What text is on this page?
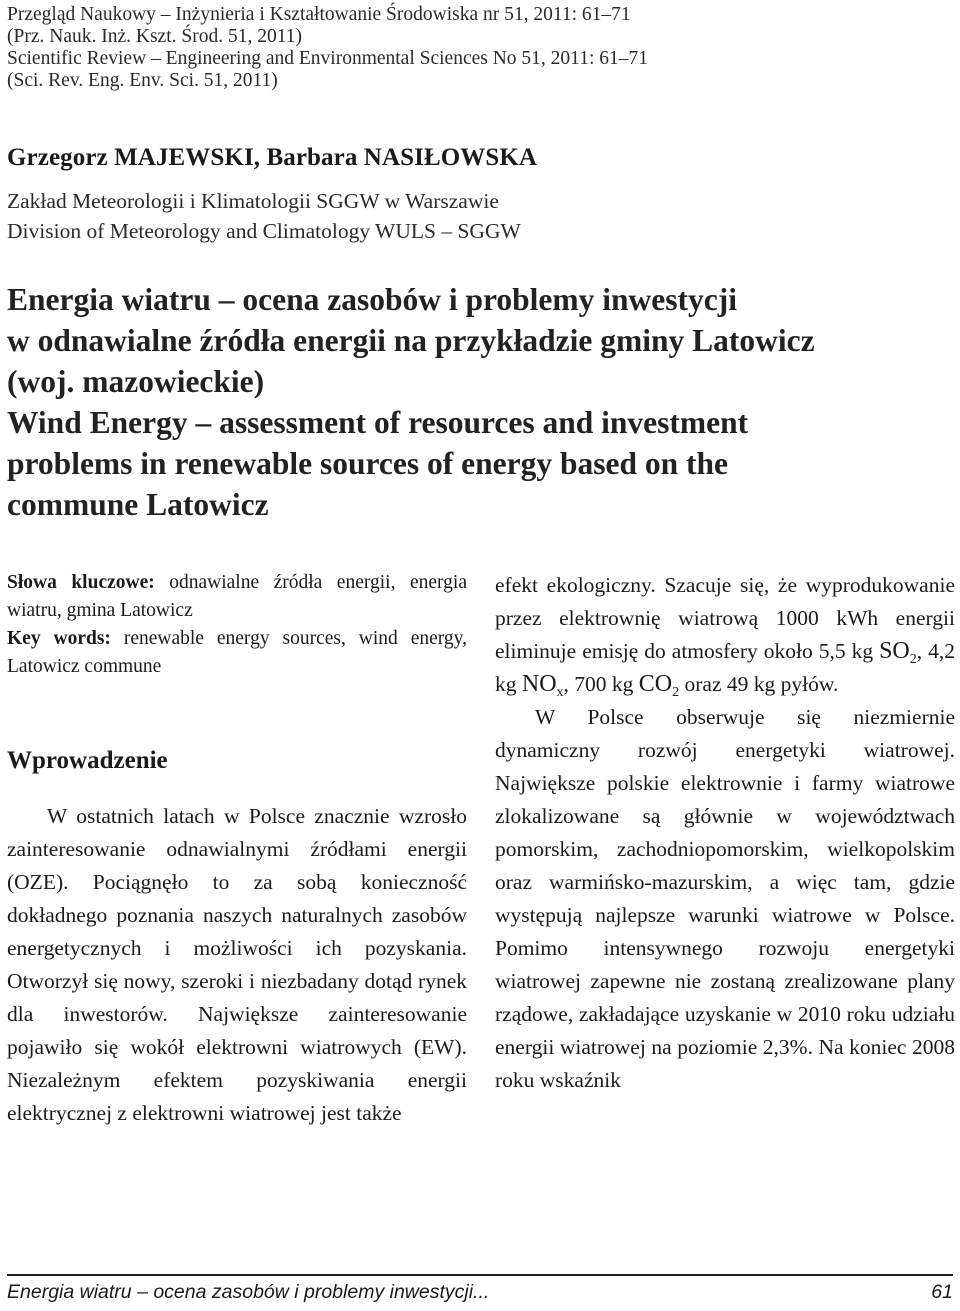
Przegląd Naukowy – Inżynieria i Kształtowanie Środowiska nr 51, 2011: 61–71
(Prz. Nauk. Inż. Kszt. Środ. 51, 2011)
Scientific Review – Engineering and Environmental Sciences No 51, 2011: 61–71
(Sci. Rev. Eng. Env. Sci. 51, 2011)
Grzegorz MAJEWSKI, Barbara NASIŁOWSKA
Zakład Meteorologii i Klimatologii SGGW w Warszawie
Division of Meteorology and Climatology WULS – SGGW
Energia wiatru – ocena zasobów i problemy inwestycji
w odnawialne źródła energii na przykładzie gminy Latowicz
(woj. mazowieckie)
Wind Energy – assessment of resources and investment
problems in renewable sources of energy based on the
commune Latowicz

Słowa kluczowe: odnawialne źródła energii, energia wiatru, gmina Latowicz

Key words: renewable energy sources, wind energy, Latowicz commune

Wprowadzenie

W ostatnich latach w Polsce znacznie wzrosło zainteresowanie odnawialnymi źródłami energii (OZE). Pociągnęło to za sobą konieczność dokładnego poznania naszych naturalnych zasobów energetycznych i możliwości ich pozyskania. Otworzył się nowy, szeroki i niezbadany dotąd rynek dla inwestorów. Największe zainteresowanie pojawiło się wokół elektrowni wiatrowych (EW). Niezależnym efektem pozyskiwania energii elektrycznej z elektrowni wiatrowej jest także

efekt ekologiczny. Szacuje się, że wyprodukowanie przez elektrownię wiatrową 1000 kWh energii eliminuje emisję do atmosfery około 5,5 kg $SO_2$, 4,2 kg $NO_x$, 700 kg $CO_2$ oraz 49 kg pyłów.

W Polsce obserwuje się niezmiernie dynamiczny rozwój energetyki wiatrowej. Największe polskie elektrownie i farmy wiatrowe zlokalizowane są głównie w województwach pomorskim, zachodniopomorskim, wielkopolskim oraz warmińsko-mazurskim, a więc tam, gdzie występują najlepsze warunki wiatrowe w Polsce. Pomimo intensywnego rozwoju energetyki wiatrowej zapewne nie zostaną zrealizowane plany rządowe, zakładające uzyskanie w 2010 roku udziału energii wiatrowej na poziomie 2,3%. Na koniec 2008 roku wskaźnik

Energia wiatru – ocena zasobów i problemy inwestycji...	61
